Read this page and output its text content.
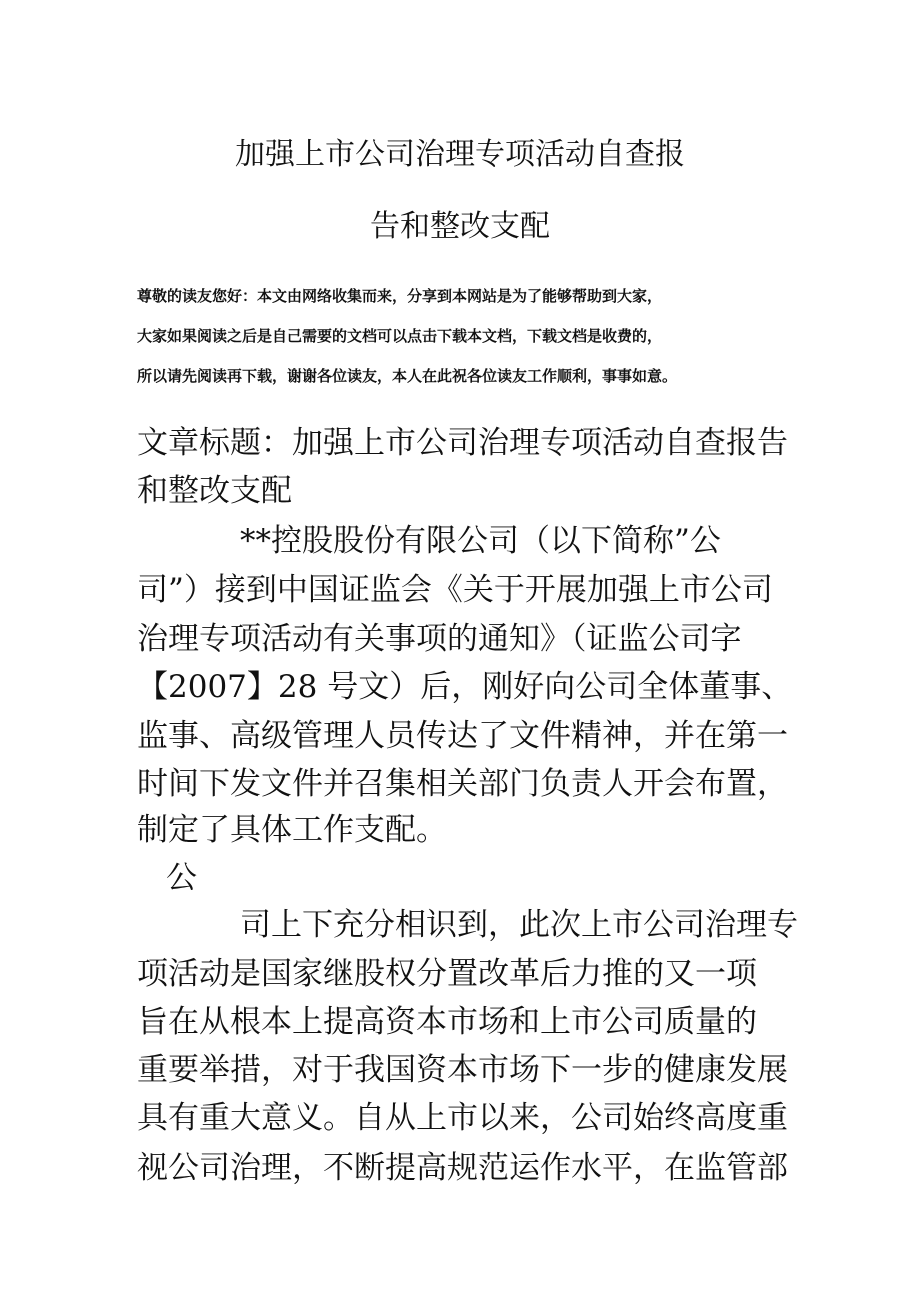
加强上市公司治理专项活动自查报
告和整改支配
尊敬的读友您好：本文由网络收集而来，分享到本网站是为了能够帮助到大家，
大家如果阅读之后是自己需要的文档可以点击下载本文档，下载文档是收费的，
所以请先阅读再下载，谢谢各位读友，本人在此祝各位读友工作顺利，事事如意。
文章标题：加强上市公司治理专项活动自查报告
和整改支配
**控股股份有限公司（以下简称”公
司”）接到中国证监会《关于开展加强上市公司
治理专项活动有关事项的通知》（证监公司字
【2007】28 号文）后，刚好向公司全体董事、
监事、高级管理人员传达了文件精神，并在第一
时间下发文件并召集相关部门负责人开会布置，
制定了具体工作支配。
公
司上下充分相识到，此次上市公司治理专
项活动是国家继股权分置改革后力推的又一项
旨在从根本上提高资本市场和上市公司质量的
重要举措，对于我国资本市场下一步的健康发展
具有重大意义。自从上市以来，公司始终高度重
视公司治理，不断提高规范运作水平，在监管部
